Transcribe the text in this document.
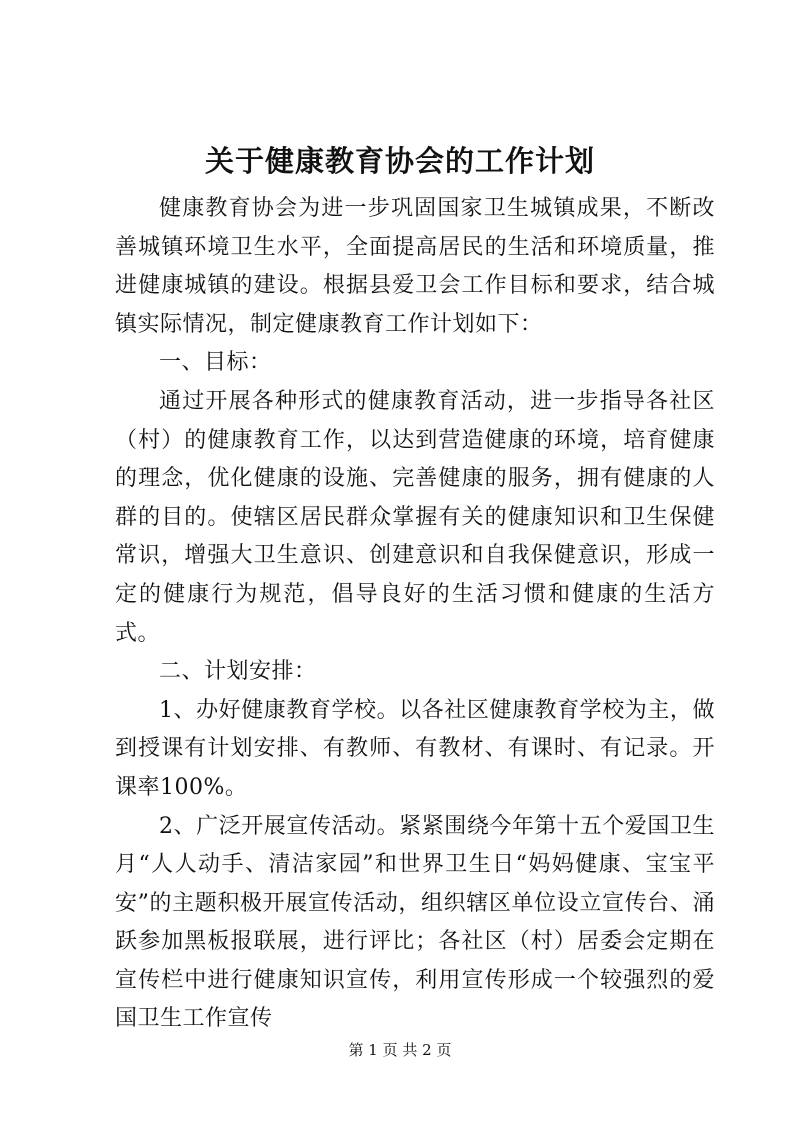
关于健康教育协会的工作计划

健康教育协会为进一步巩固国家卫生城镇成果，不断改善城镇环境卫生水平，全面提高居民的生活和环境质量，推进健康城镇的建设。根据县爱卫会工作目标和要求，结合城镇实际情况，制定健康教育工作计划如下：

一、目标：

通过开展各种形式的健康教育活动，进一步指导各社区（村）的健康教育工作，以达到营造健康的环境，培育健康的理念，优化健康的设施、完善健康的服务，拥有健康的人群的目的。使辖区居民群众掌握有关的健康知识和卫生保健常识，增强大卫生意识、创建意识和自我保健意识，形成一定的健康行为规范，倡导良好的生活习惯和健康的生活方式。

二、计划安排：

1、办好健康教育学校。以各社区健康教育学校为主，做到授课有计划安排、有教师、有教材、有课时、有记录。开课率100%。

2、广泛开展宣传活动。紧紧围绕今年第十五个爱国卫生月“人人动手、清洁家园”和世界卫生日“妈妈健康、宝宝平安”的主题积极开展宣传活动，组织辖区单位设立宣传台、涌跃参加黑板报联展，进行评比；各社区（村）居委会定期在宣传栏中进行健康知识宣传，利用宣传形成一个较强烈的爱国卫生工作宣传

第 1 页 共 2 页
